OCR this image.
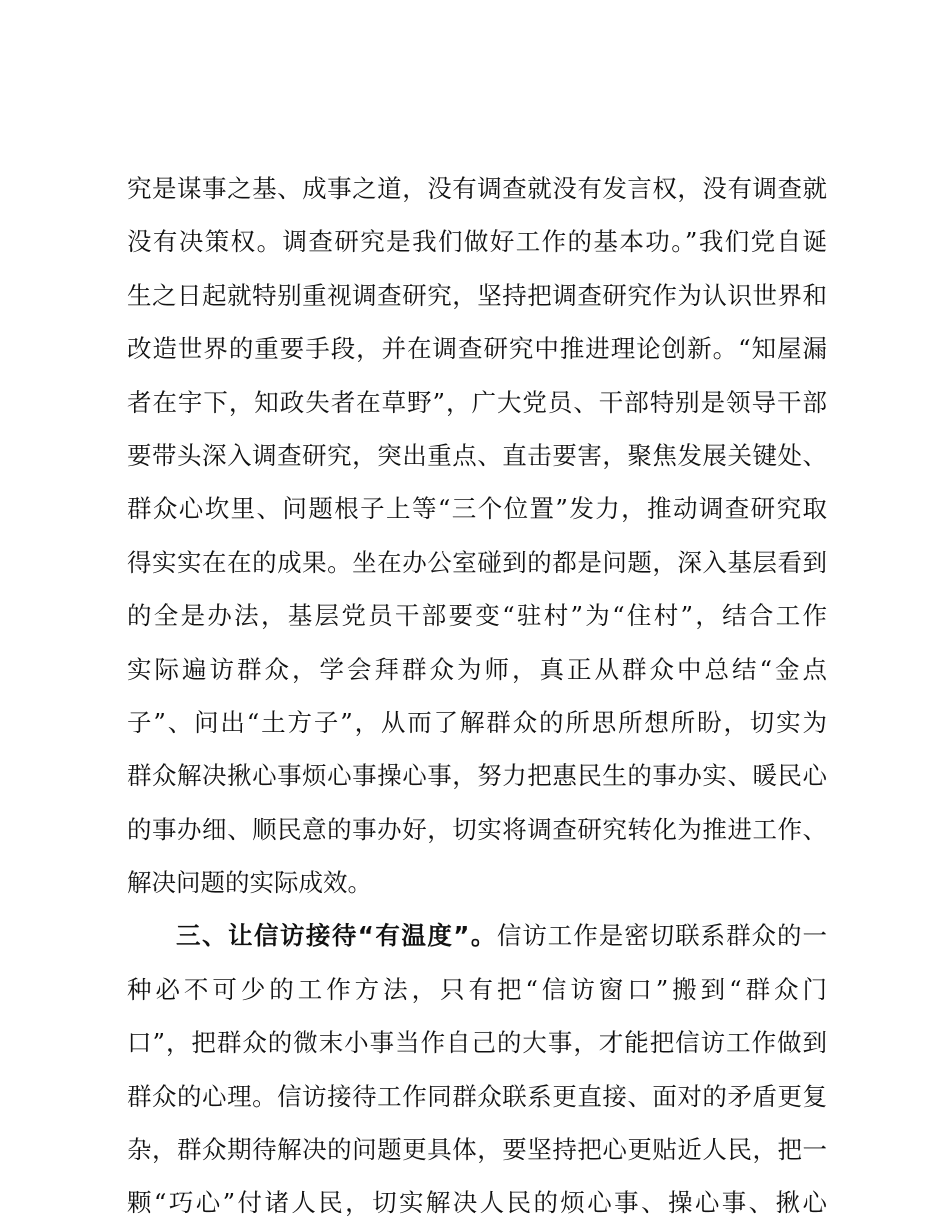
究是谋事之基、成事之道，没有调查就没有发言权，没有调查就
没有决策权。调查研究是我们做好工作的基本功。”我们党自诞
生之日起就特别重视调查研究，坚持把调查研究作为认识世界和
改造世界的重要手段，并在调查研究中推进理论创新。“知屋漏
者在宇下，知政失者在草野”，广大党员、干部特别是领导干部
要带头深入调查研究，突出重点、直击要害，聚焦发展关键处、
群众心坎里、问题根子上等“三个位置”发力，推动调查研究取
得实实在在的成果。坐在办公室碰到的都是问题，深入基层看到
的全是办法，基层党员干部要变“驻村”为“住村”，结合工作
实际遍访群众，学会拜群众为师，真正从群众中总结“金点
子”、问出“土方子”，从而了解群众的所思所想所盼，切实为
群众解决揪心事烦心事操心事，努力把惠民生的事办实、暖民心
的事办细、顺民意的事办好，切实将调查研究转化为推进工作、
解决问题的实际成效。
三、让信访接待“有温度”。信访工作是密切联系群众的一
种必不可少的工作方法，只有把“信访窗口”搬到“群众门
口”，把群众的微末小事当作自己的大事，才能把信访工作做到
群众的心理。信访接待工作同群众联系更直接、面对的矛盾更复
杂，群众期待解决的问题更具体，要坚持把心更贴近人民，把一
颗“巧心”付诸人民，切实解决人民的烦心事、操心事、揪心
